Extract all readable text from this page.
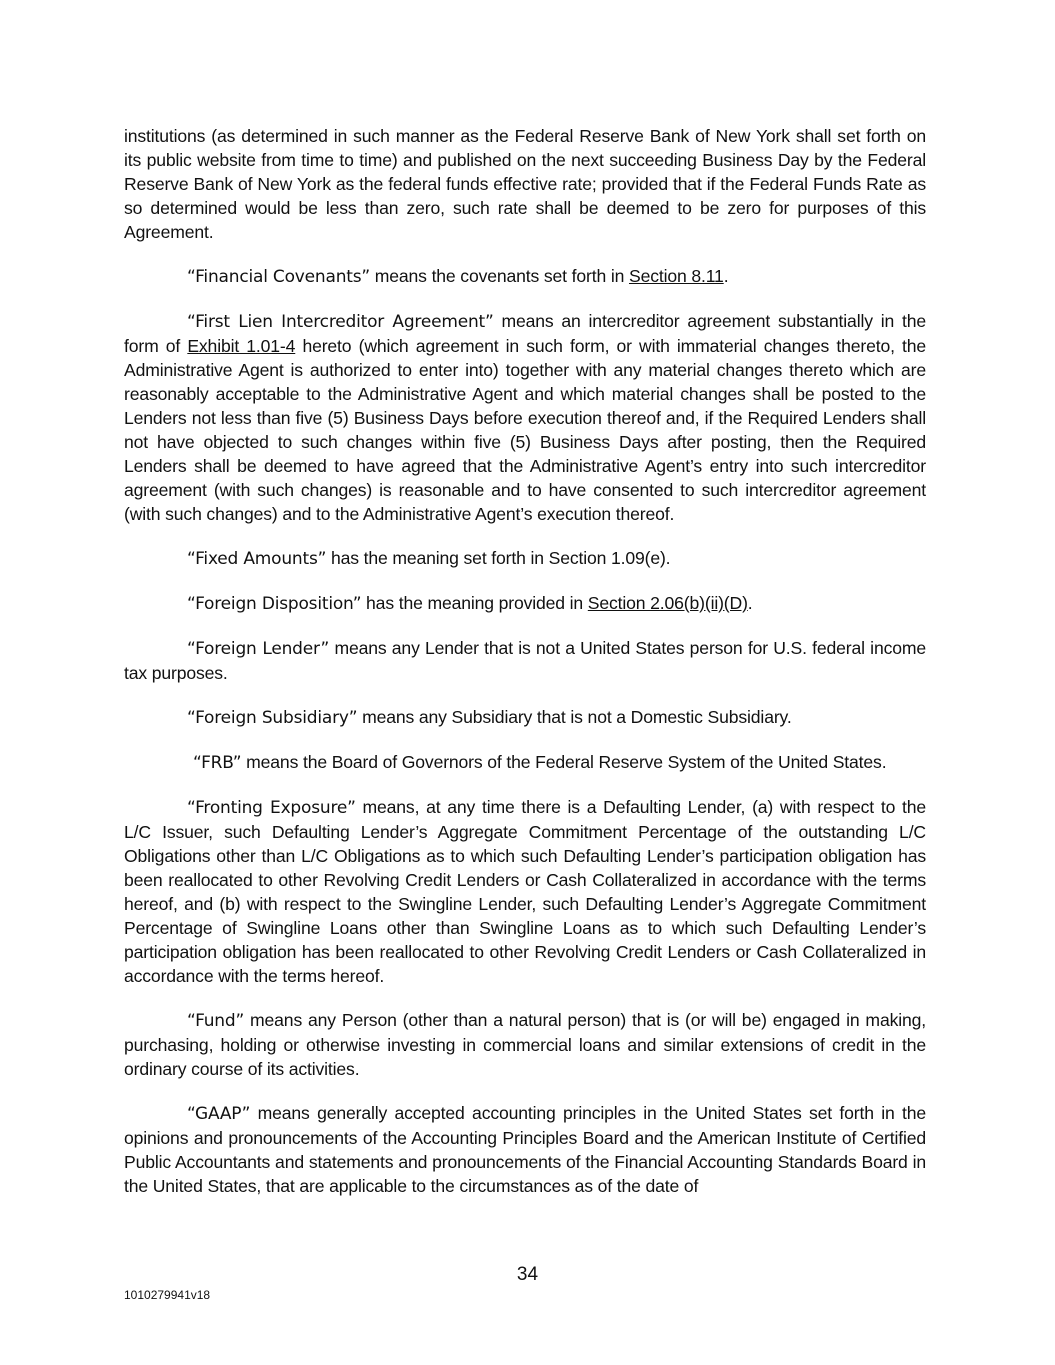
institutions (as determined in such manner as the Federal Reserve Bank of New York shall set forth on its public website from time to time) and published on the next succeeding Business Day by the Federal Reserve Bank of New York as the federal funds effective rate; provided that if the Federal Funds Rate as so determined would be less than zero, such rate shall be deemed to be zero for purposes of this Agreement.

“Financial Covenants” means the covenants set forth in Section 8.11.

“First Lien Intercreditor Agreement” means an intercreditor agreement substantially in the form of Exhibit 1.01-4 hereto (which agreement in such form, or with immaterial changes thereto, the Administrative Agent is authorized to enter into) together with any material changes thereto which are reasonably acceptable to the Administrative Agent and which material changes shall be posted to the Lenders not less than five (5) Business Days before execution thereof and, if the Required Lenders shall not have objected to such changes within five (5) Business Days after posting, then the Required Lenders shall be deemed to have agreed that the Administrative Agent’s entry into such intercreditor agreement (with such changes) is reasonable and to have consented to such intercreditor agreement (with such changes) and to the Administrative Agent’s execution thereof.

“Fixed Amounts” has the meaning set forth in Section 1.09(e).

“Foreign Disposition” has the meaning provided in Section 2.06(b)(ii)(D).

“Foreign Lender” means any Lender that is not a United States person for U.S. federal income tax purposes.

“Foreign Subsidiary” means any Subsidiary that is not a Domestic Subsidiary.

“FRB” means the Board of Governors of the Federal Reserve System of the United States.

“Fronting Exposure” means, at any time there is a Defaulting Lender, (a) with respect to the L/C Issuer, such Defaulting Lender’s Aggregate Commitment Percentage of the outstanding L/C Obligations other than L/C Obligations as to which such Defaulting Lender’s participation obligation has been reallocated to other Revolving Credit Lenders or Cash Collateralized in accordance with the terms hereof, and (b) with respect to the Swingline Lender, such Defaulting Lender’s Aggregate Commitment Percentage of Swingline Loans other than Swingline Loans as to which such Defaulting Lender’s participation obligation has been reallocated to other Revolving Credit Lenders or Cash Collateralized in accordance with the terms hereof.

“Fund” means any Person (other than a natural person) that is (or will be) engaged in making, purchasing, holding or otherwise investing in commercial loans and similar extensions of credit in the ordinary course of its activities.

“GAAP” means generally accepted accounting principles in the United States set forth in the opinions and pronouncements of the Accounting Principles Board and the American Institute of Certified Public Accountants and statements and pronouncements of the Financial Accounting Standards Board in the United States, that are applicable to the circumstances as of the date of

34
1010279941v18
